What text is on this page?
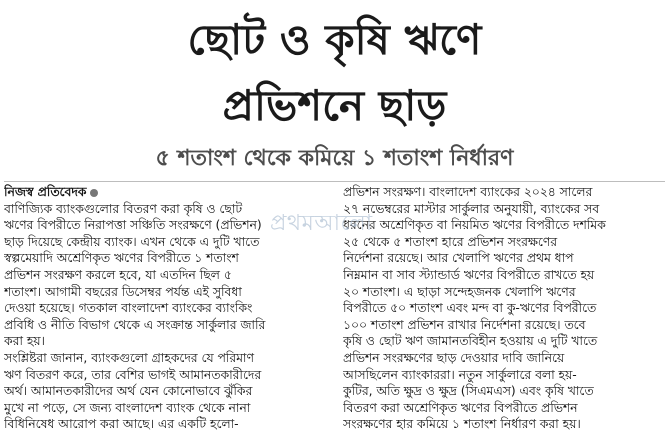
ছোট ও কৃষি ঋণে
প্রভিশনে ছাড়
৫ শতাংশ থেকে কমিয়ে ১ শতাংশ নির্ধারণ
নিজস্ব প্রতিবেদক
বাণিজ্যিক ব্যাংকগুলোর বিতরণ করা কৃষি ও ছোট
ঋণের বিপরীতে নিরাপত্তা সঞ্চিতি সংরক্ষণে (প্রভিশন)
ছাড় দিয়েছে কেন্দ্রীয় ব্যাংক। এখন থেকে এ দুটি খাতে
স্বল্পমেয়াদি অশ্রেণিকৃত ঋণের বিপরীতে ১ শতাংশ
প্রভিশন সংরক্ষণ করলে হবে, যা এতদিন ছিল ৫
শতাংশ। আগামী বছরের ডিসেম্বর পর্যন্ত এই সুবিধা
দেওয়া হয়েছে। গতকাল বাংলাদেশ ব্যাংকের ব্যাংকিং
প্রবিধি ও নীতি বিভাগ থেকে এ সংক্রান্ত সার্কুলার জারি
করা হয়।
সংশ্লিষ্টরা জানান, ব্যাংকগুলো গ্রাহকদের যে পরিমাণ
ঋণ বিতরণ করে, তার বেশির ভাগই আমানতকারীদের
অর্থ। আমানতকারীদের অর্থ যেন কোনোভাবে ঝুঁকির
মুখে না পড়ে, সে জন্য বাংলাদেশ ব্যাংক থেকে নানা
বিধিনিষেধ আরোপ করা আছে। এর একটি হলো-
প্রভিশন সংরক্ষণ। বাংলাদেশ ব্যাংকের ২০২৪ সালের
২৭ নভেম্বরের মাস্টার সার্কুলার অনুযায়ী, ব্যাংকের সব
ধরনের অশ্রেণিকৃত বা নিয়মিত ঋণের বিপরীতে দশমিক
২৫ থেকে ৫ শতাংশ হারে প্রভিশন সংরক্ষণের
নির্দেশনা রয়েছে। আর খেলাপি ঋণের প্রথম ধাপ
নিম্নমান বা সাব স্ট্যান্ডার্ড ঋণের বিপরীতে রাখতে হয়
২০ শতাংশ। এ ছাড়া সন্দেহজনক খেলাপি ঋণের
বিপরীতে ৫০ শতাংশ এবং মন্দ বা কু-ঋণের বিপরীতে
১০০ শতাংশ প্রভিশন রাখার নির্দেশনা রয়েছে। তবে
কৃষি ও ছোট ঋণ জামানতবিহীন হওয়ায় এ দুটি খাতে
প্রভিশন সংরক্ষণের ছাড় দেওয়ার দাবি জানিয়ে
আসছিলেন ব্যাংকাররা। নতুন সার্কুলারে বলা হয়-
কুটির, অতি ক্ষুদ্র ও ক্ষুদ্র (সিএমএস) এবং কৃষি খাতে
বিতরণ করা অশ্রেণিকৃত ঋণের বিপরীতে প্রভিশন
সংরক্ষণের হার কমিয়ে ১ শতাংশ নির্ধারণ করা হয়।
প্রথমআলো
